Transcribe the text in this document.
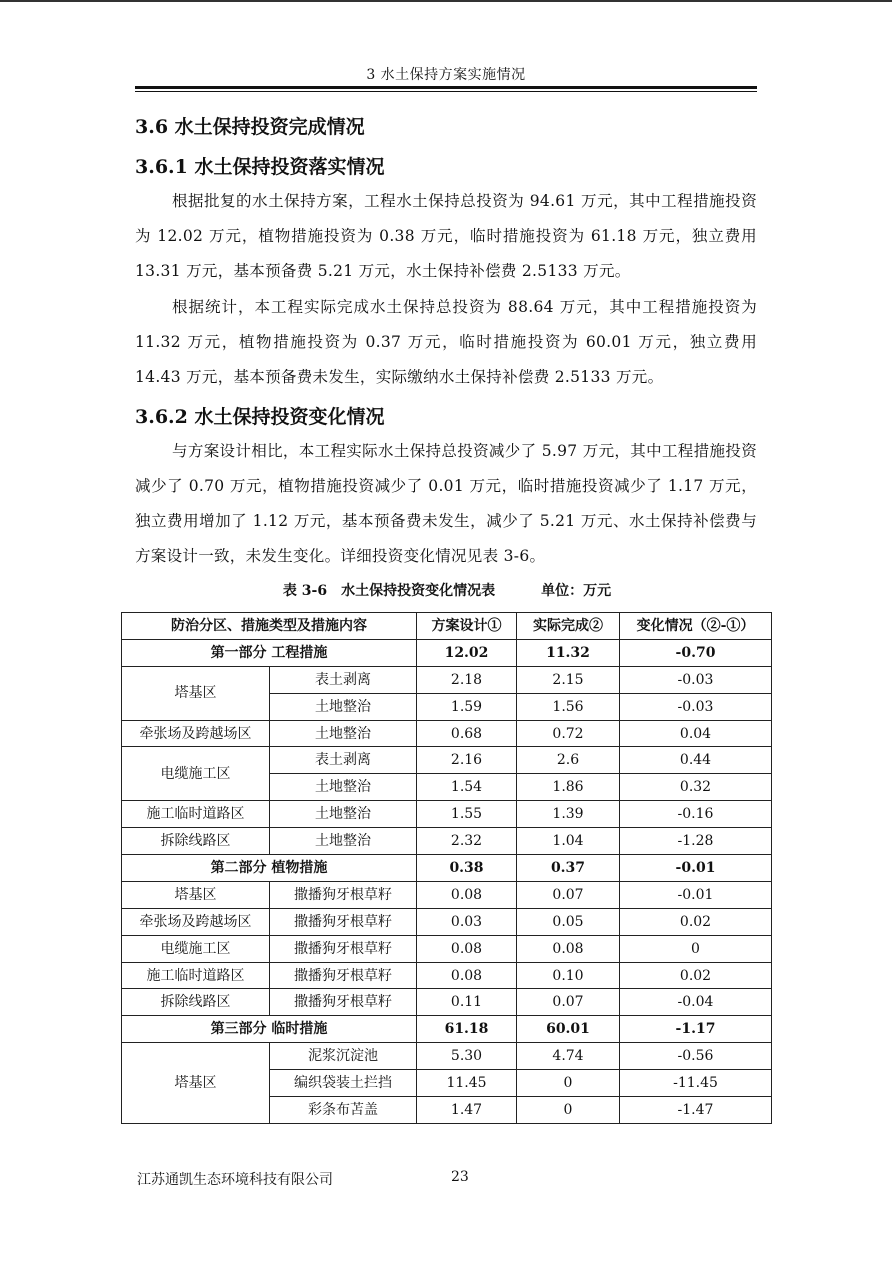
3 水土保持方案实施情况
3.6 水土保持投资完成情况
3.6.1 水土保持投资落实情况
根据批复的水土保持方案，工程水土保持总投资为 94.61 万元，其中工程措施投资为 12.02 万元，植物措施投资为 0.38 万元，临时措施投资为 61.18 万元，独立费用 13.31 万元，基本预备费 5.21 万元，水土保持补偿费 2.5133 万元。
根据统计，本工程实际完成水土保持总投资为 88.64 万元，其中工程措施投资为 11.32 万元，植物措施投资为 0.37 万元，临时措施投资为 60.01 万元，独立费用 14.43 万元，基本预备费未发生，实际缴纳水土保持补偿费 2.5133 万元。
3.6.2 水土保持投资变化情况
与方案设计相比，本工程实际水土保持总投资减少了 5.97 万元，其中工程措施投资减少了 0.70 万元，植物措施投资减少了 0.01 万元，临时措施投资减少了 1.17 万元，独立费用增加了 1.12 万元，基本预备费未发生，减少了 5.21 万元、水土保持补偿费与方案设计一致，未发生变化。详细投资变化情况见表 3-6。
表 3-6　水土保持投资变化情况表	单位：万元
防治分区、措施类型及措施内容		方案设计①	实际完成②	变化情况（②-①）
第一部分 工程措施		12.02	11.32	-0.70
塔基区	表土剥离	2.18	2.15	-0.03
	土地整治	1.59	1.56	-0.03
牵张场及跨越场区	土地整治	0.68	0.72	0.04
电缆施工区	表土剥离	2.16	2.6	0.44
	土地整治	1.54	1.86	0.32
施工临时道路区	土地整治	1.55	1.39	-0.16
拆除线路区	土地整治	2.32	1.04	-1.28
第二部分 植物措施		0.38	0.37	-0.01
塔基区	撒播狗牙根草籽	0.08	0.07	-0.01
牵张场及跨越场区	撒播狗牙根草籽	0.03	0.05	0.02
电缆施工区	撒播狗牙根草籽	0.08	0.08	0
施工临时道路区	撒播狗牙根草籽	0.08	0.10	0.02
拆除线路区	撒播狗牙根草籽	0.11	0.07	-0.04
第三部分 临时措施		61.18	60.01	-1.17
塔基区	泥浆沉淀池	5.30	4.74	-0.56
	编织袋装土拦挡	11.45	0	-11.45
	彩条布苫盖	1.47	0	-1.47
江苏通凯生态环境科技有限公司	23
